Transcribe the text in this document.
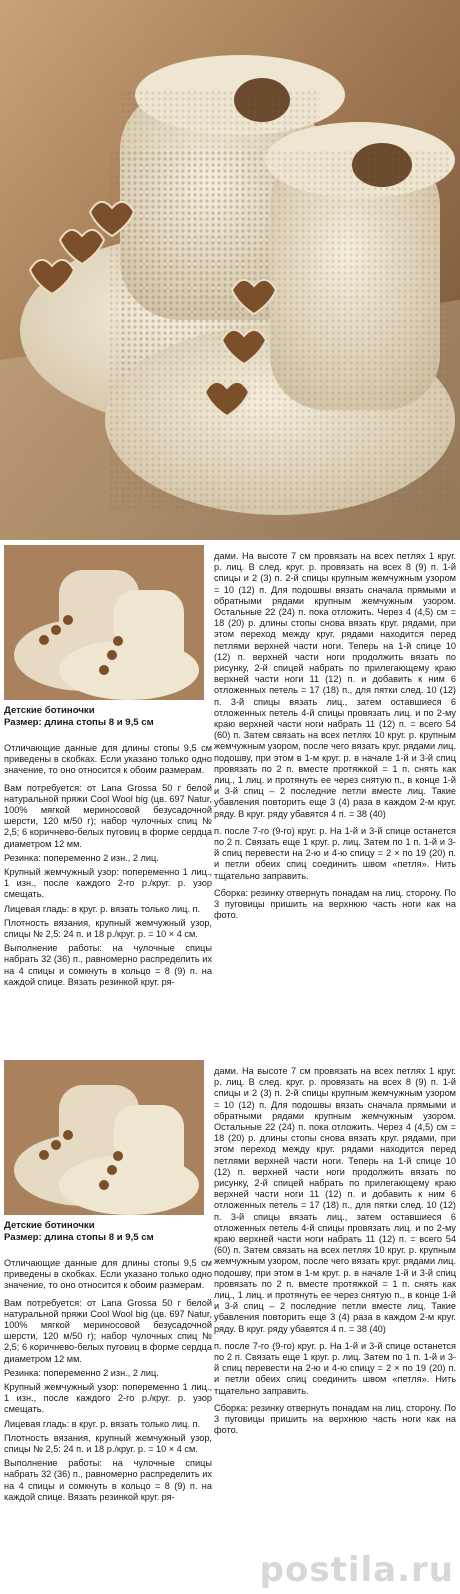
Детские ботиночки

Размер: длина стопы 8 и 9,5 см

Отличающие данные для длины стопы 9,5 см приведены в скобках. Если указано только одно значение, то оно относится к обоим размерам.

Вам потребуется: от Lana Grossa 50 г белой натуральной пряжи Cool Wool big (цв. 697 Natur, 100% мягкой мериносовой безусадочной шерсти, 120 м/50 г); набор чулочных спиц № 2,5; 6 коричнево-белых пуговиц в форме сердца диаметром 12 мм.

Резинка: попеременно 2 изн., 2 лиц.

Крупный жемчужный узор: попеременно 1 лиц., 1 изн., после каждого 2-го р./круг. р. узор смещать.

Лицевая гладь: в круг. р. вязать только лиц. п.

Плотность вязания, крупный жемчужный узор, спицы № 2,5: 24 п. и 18 р./круг. р. = 10 × 4 см.

Выполнение работы: на чулочные спицы набрать 32 (36) п., равномерно распределить их на 4 спицы и сомкнуть в кольцо = 8 (9) п. на каждой спице. Вязать резинкой круг. ря-

дами. На высоте 7 см провязать на всех петлях 1 круг. р. лиц. В след. круг. р. провязать на всех 8 (9) п. 1-й спицы и 2 (3) п. 2-й спицы крупным жемчужным узором = 10 (12) п. Для подошвы вязать сначала прямыми и обратными рядами крупным жемчужным узором. Остальные 22 (24) п. пока отложить. Через 4 (4,5) см = 18 (20) р. длины стопы снова вязать круг. рядами, при этом переход между круг. рядами находится перед петлями верхней части ноги. Теперь на 1-й спице 10 (12) п. верхней части ноги продолжить вязать по рисунку, 2-й спицей набрать по прилегающему краю верхней части ноги 11 (12) п. и добавить к ним 6 отложенных петель = 17 (18) п., для пятки след. 10 (12) п. 3-й спицы вязать лиц., затем оставшиеся 6 отложенных петель 4-й спицы провязать лиц. и по 2-му краю верхней части ноги набрать 11 (12) п. = всего 54 (60) п. Затем связать на всех петлях 10 круг. р. крупным жемчужным узором, после чего вязать круг. рядами лиц. подошву, при этом в 1-м круг. р. в начале 1-й и 3-й спиц провязать по 2 п. вместе протяжкой = 1 п. снять как лиц., 1 лиц. и протянуть ее через снятую п., в конце 1-й и 3-й спиц – 2 последние петли вместе лиц. Такие убавления повторить еще 3 (4) раза в каждом 2-м круг. ряду. В круг. ряду убавятся 4 п. = 38 (40)

п. после 7-го (9-го) круг. р. На 1-й и 3-й спице останется по 2 п. Связать еще 1 круг. р. лиц. Затем по 1 п. 1-й и 3-й спиц перевести на 2-ю и 4-ю спицу = 2 × по 19 (20) п. и петли обеих спиц соединить швом «петля». Нить тщательно заправить.

Сборка: резинку отвернуть понадам на лиц. сторону. По 3 пуговицы пришить на верхнюю часть ноги как на фото.

Детские ботиночки

Размер: длина стопы 8 и 9,5 см

Отличающие данные для длины стопы 9,5 см приведены в скобках. Если указано только одно значение, то оно относится к обоим размерам.

Вам потребуется: от Lana Grossa 50 г белой натуральной пряжи Cool Wool big (цв. 697 Natur, 100% мягкой мериносовой безусадочной шерсти, 120 м/50 г); набор чулочных спиц № 2,5; 6 коричнево-белых пуговиц в форме сердца диаметром 12 мм.

Резинка: попеременно 2 изн., 2 лиц.

Крупный жемчужный узор: попеременно 1 лиц., 1 изн., после каждого 2-го р./круг. р. узор смещать.

Лицевая гладь: в круг. р. вязать только лиц. п.

Плотность вязания, крупный жемчужный узор, спицы № 2,5: 24 п. и 18 р./круг. р. = 10 × 4 см.

Выполнение работы: на чулочные спицы набрать 32 (36) п., равномерно распределить их на 4 спицы и сомкнуть в кольцо = 8 (9) п. на каждой спице. Вязать резинкой круг. ря-

дами. На высоте 7 см провязать на всех петлях 1 круг. р. лиц. В след. круг. р. провязать на всех 8 (9) п. 1-й спицы и 2 (3) п. 2-й спицы крупным жемчужным узором = 10 (12) п. Для подошвы вязать сначала прямыми и обратными рядами крупным жемчужным узором. Остальные 22 (24) п. пока отложить. Через 4 (4,5) см = 18 (20) р. длины стопы снова вязать круг. рядами, при этом переход между круг. рядами находится перед петлями верхней части ноги. Теперь на 1-й спице 10 (12) п. верхней части ноги продолжить вязать по рисунку, 2-й спицей набрать по прилегающему краю верхней части ноги 11 (12) п. и добавить к ним 6 отложенных петель = 17 (18) п., для пятки след. 10 (12) п. 3-й спицы вязать лиц., затем оставшиеся 6 отложенных петель 4-й спицы провязать лиц. и по 2-му краю верхней части ноги набрать 11 (12) п. = всего 54 (60) п. Затем связать на всех петлях 10 круг. р. крупным жемчужным узором, после чего вязать круг. рядами лиц. подошву, при этом в 1-м круг. р. в начале 1-й и 3-й спиц провязать по 2 п. вместе протяжкой = 1 п. снять как лиц., 1 лиц. и протянуть ее через снятую п., в конце 1-й и 3-й спиц – 2 последние петли вместе лиц. Такие убавления повторить еще 3 (4) раза в каждом 2-м круг. ряду. В круг. ряду убавятся 4 п. = 38 (40)

п. после 7-го (9-го) круг. р. На 1-й и 3-й спице останется по 2 п. Связать еще 1 круг. р. лиц. Затем по 1 п. 1-й и 3-й спиц перевести на 2-ю и 4-ю спицу = 2 × по 19 (20) п. и петли обеих спиц соединить швом «петля». Нить тщательно заправить.

Сборка: резинку отвернуть понадам на лиц. сторону. По 3 пуговицы пришить на верхнюю часть ноги как на фото.

postila.ru
